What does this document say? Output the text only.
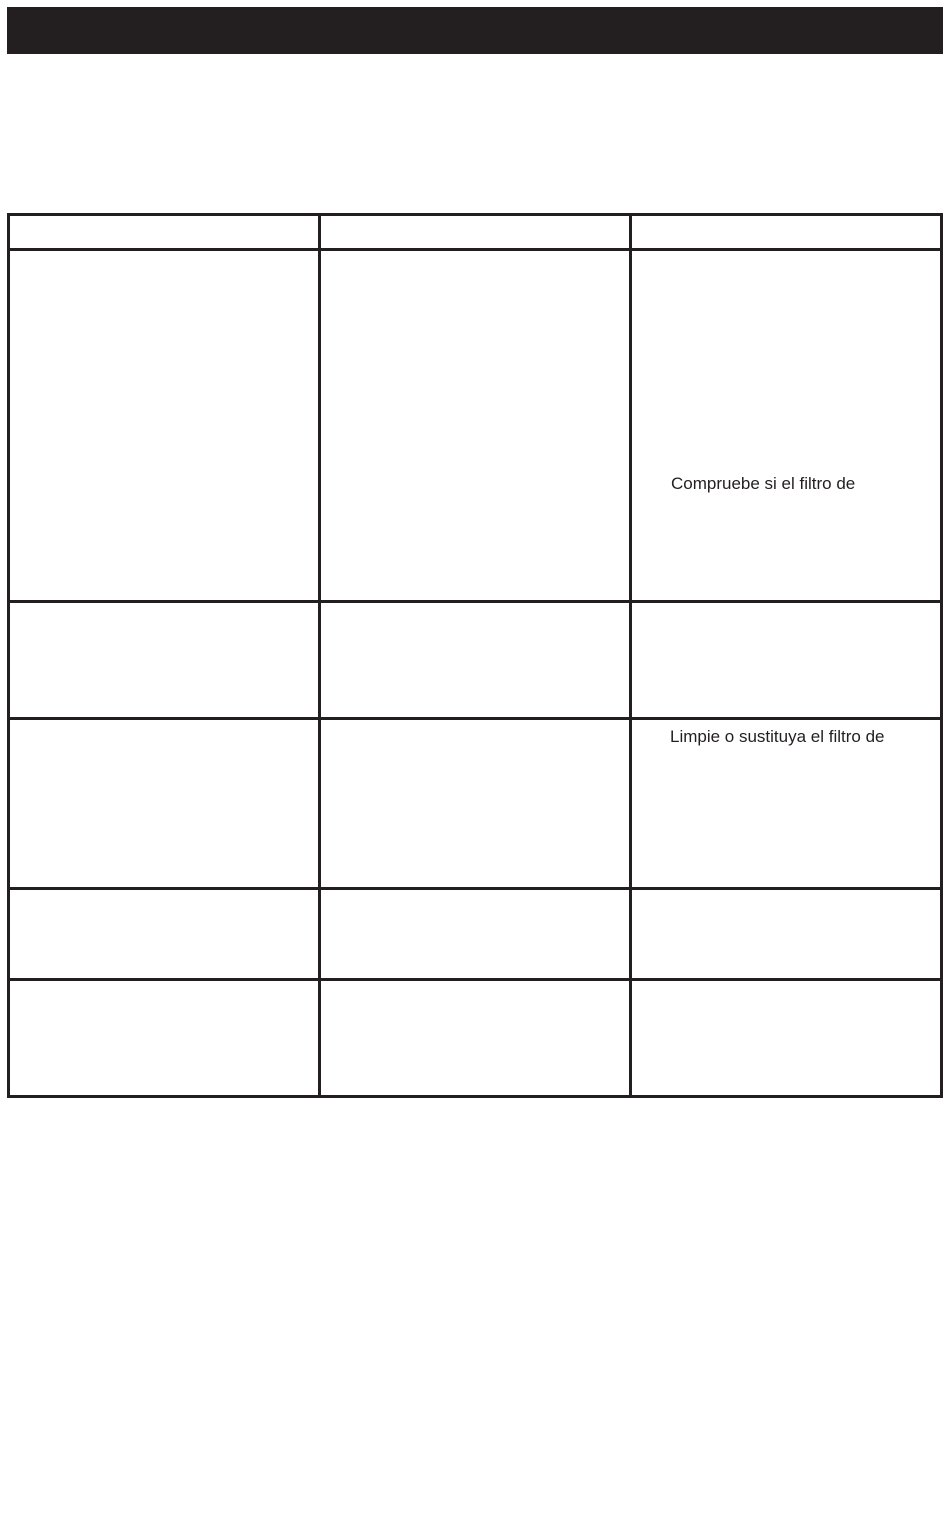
Compruebe si el filtro de
Limpie o sustituya el filtro de
